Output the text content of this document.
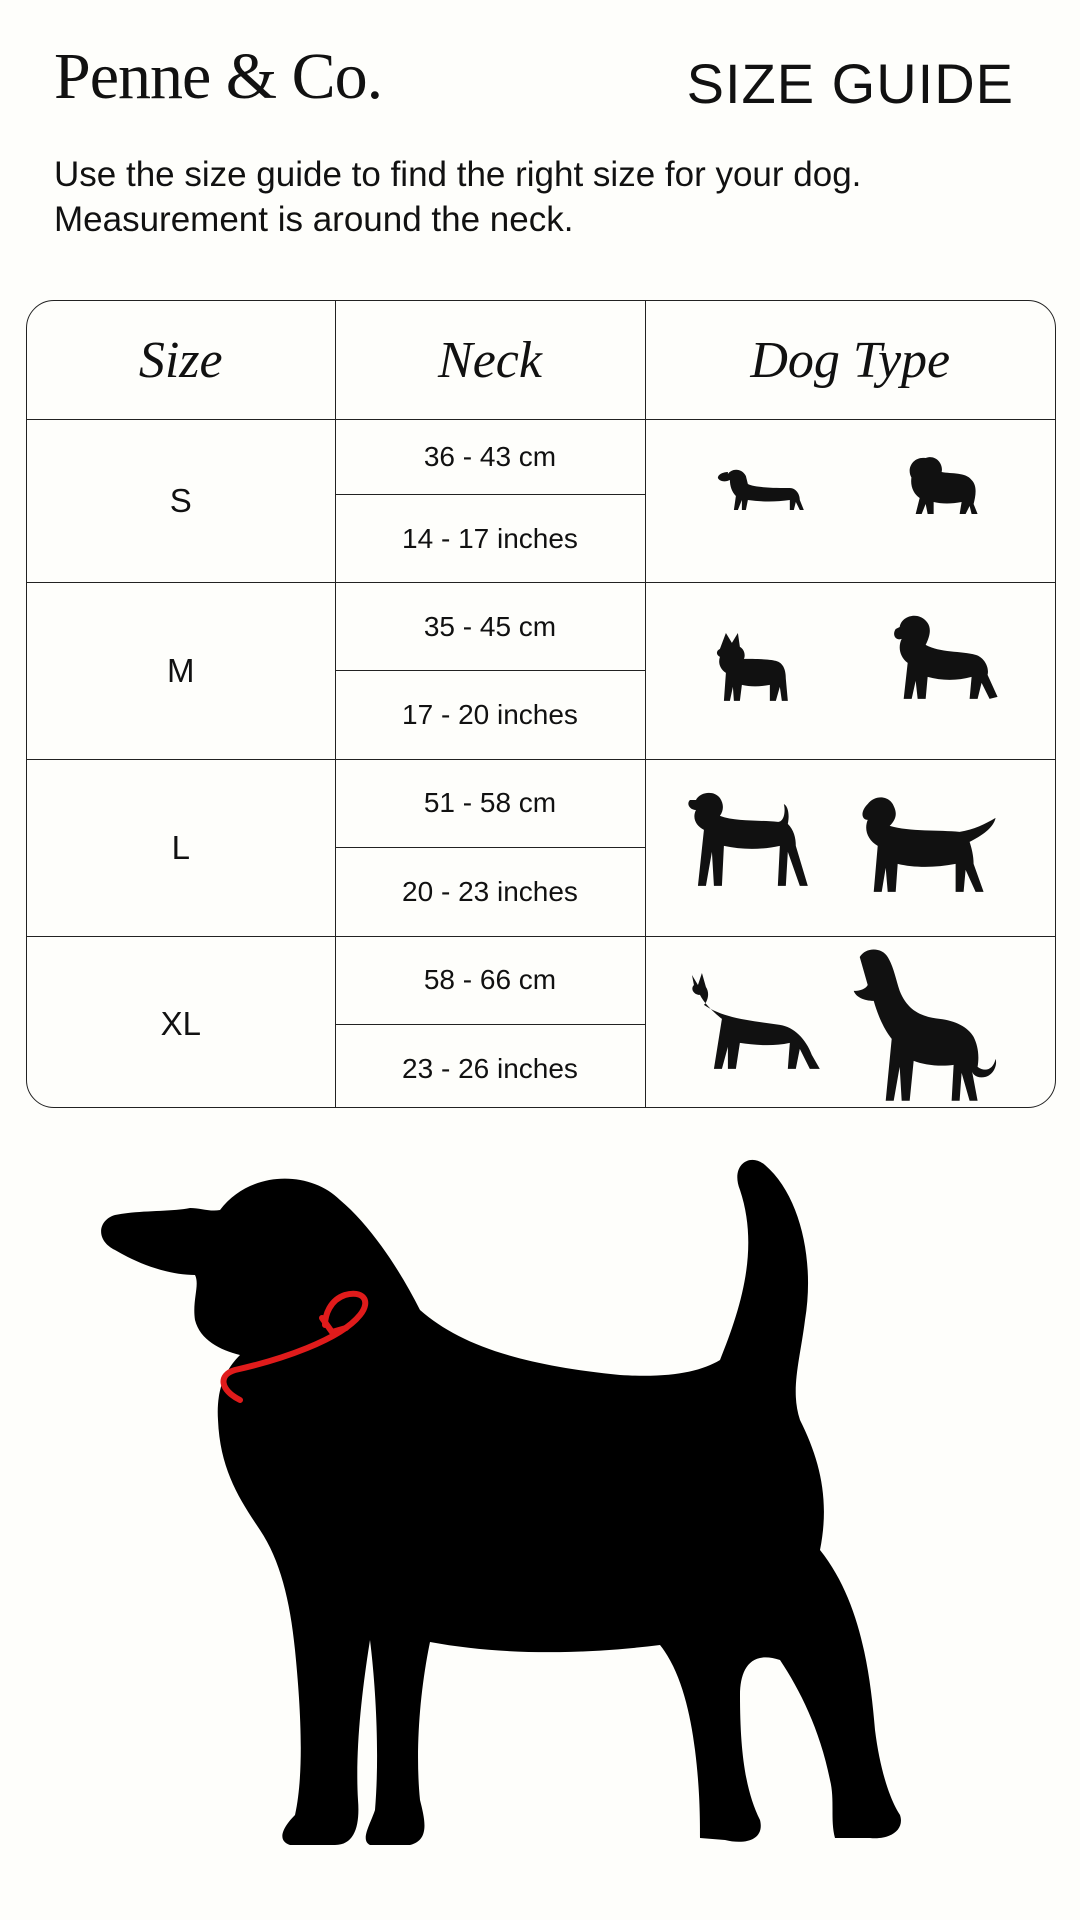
Penne & Co.	SIZE GUIDE
Use the size guide to find the right size for your dog.
Measurement is around the neck.
Size	Neck	Dog Type
S	36 - 43 cm	

	14 - 17 inches	
M	35 - 45 cm	

	17 - 20 inches	
L	51 - 58 cm	

	20 - 23 inches	
XL	58 - 66 cm	

	23 - 26 inches	
